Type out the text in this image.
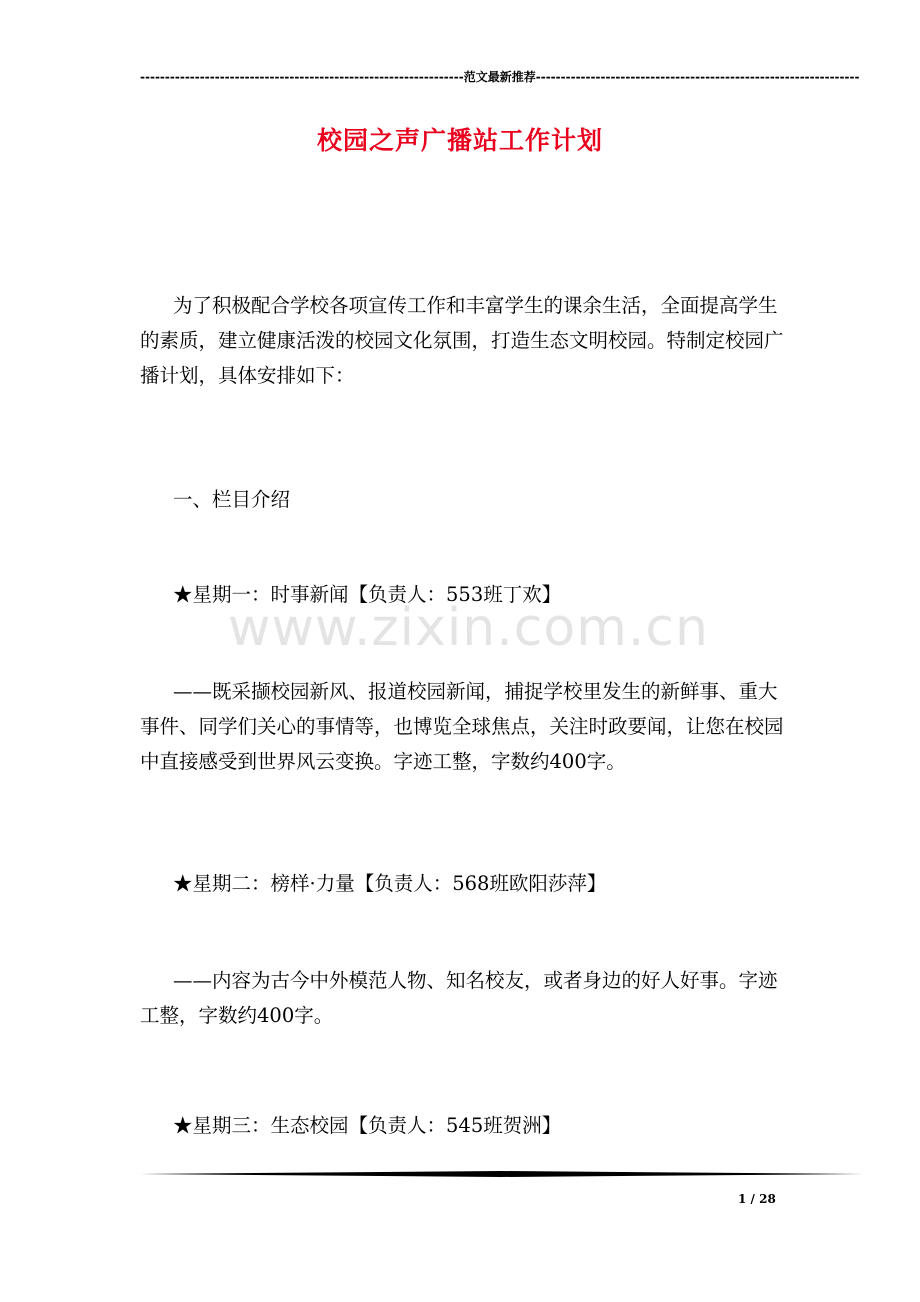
-----------------------------------------------------------------范文最新推荐-----------------------------------------------------------------
校园之声广播站工作计划
为了积极配合学校各项宣传工作和丰富学生的课余生活，全面提高学生的素质，建立健康活泼的校园文化氛围，打造生态文明校园。特制定校园广播计划，具体安排如下：
一、栏目介绍
★星期一：时事新闻【负责人：553班丁欢】
——既采撷校园新风、报道校园新闻，捕捉学校里发生的新鲜事、重大事件、同学们关心的事情等，也博览全球焦点，关注时政要闻，让您在校园中直接感受到世界风云变换。字迹工整，字数约400字。
★星期二：榜样·力量【负责人：568班欧阳莎萍】
——内容为古今中外模范人物、知名校友，或者身边的好人好事。字迹工整，字数约400字。
★星期三：生态校园【负责人：545班贺洲】
www.zixin.com.cn
1 / 28
